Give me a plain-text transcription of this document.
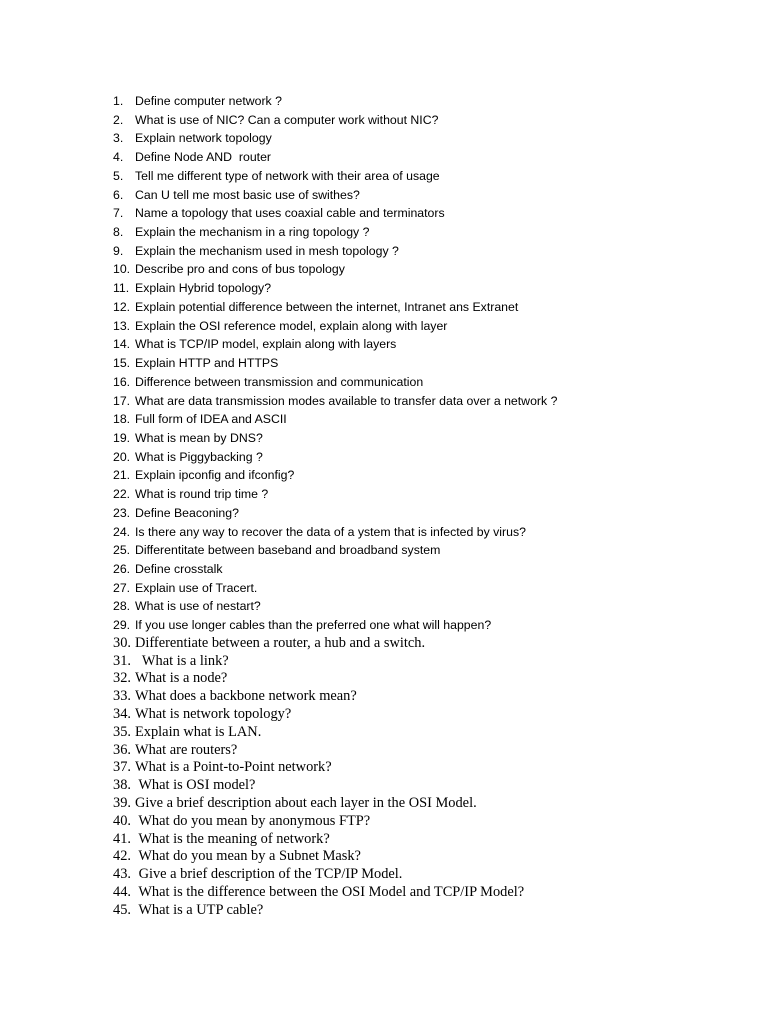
1. Define computer network ?
2. What is use of NIC? Can a computer work without NIC?
3. Explain network topology
4. Define Node AND  router
5. Tell me different type of network with their area of usage
6. Can U tell me most basic use of swithes?
7. Name a topology that uses coaxial cable and terminators
8. Explain the mechanism in a ring topology ?
9. Explain the mechanism used in mesh topology ?
10. Describe pro and cons of bus topology
11. Explain Hybrid topology?
12. Explain potential difference between the internet, Intranet ans Extranet
13. Explain the OSI reference model, explain along with layer
14. What is TCP/IP model, explain along with layers
15. Explain HTTP and HTTPS
16. Difference between transmission and communication
17. What are data transmission modes available to transfer data over a network ?
18. Full form of IDEA and ASCII
19. What is mean by DNS?
20. What is Piggybacking ?
21. Explain ipconfig and ifconfig?
22. What is round trip time ?
23. Define Beaconing?
24. Is there any way to recover the data of a ystem that is infected by virus?
25. Differentitate between baseband and broadband system
26. Define crosstalk
27. Explain use of Tracert.
28. What is use of nestart?
29. If you use longer cables than the preferred one what will happen?
30. Differentiate between a router, a hub and a switch.
31. What is a link?
32. What is a node?
33. What does a backbone network mean?
34. What is network topology?
35. Explain what is LAN.
36. What are routers?
37. What is a Point-to-Point network?
38. What is OSI model?
39. Give a brief description about each layer in the OSI Model.
40. What do you mean by anonymous FTP?
41. What is the meaning of network?
42. What do you mean by a Subnet Mask?
43. Give a brief description of the TCP/IP Model.
44. What is the difference between the OSI Model and TCP/IP Model?
45. What is a UTP cable?
